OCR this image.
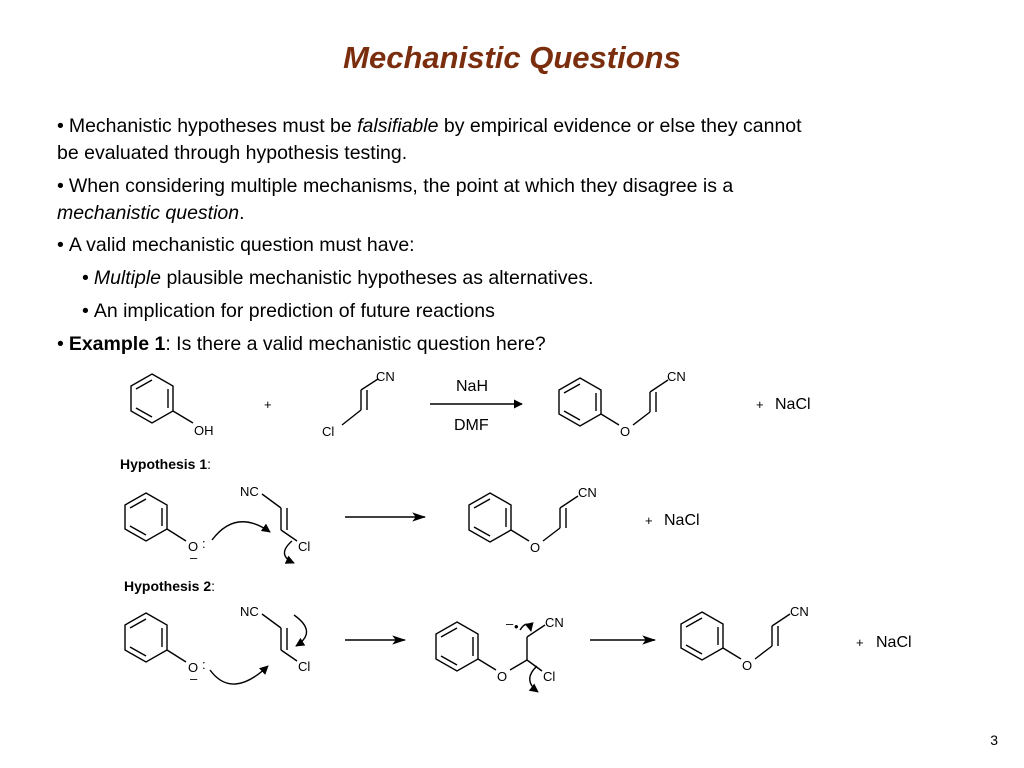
Mechanistic Questions
• Mechanistic hypotheses must be falsifiable by empirical evidence or else they cannot
be evaluated through hypothesis testing.
• When considering multiple mechanisms, the point at which they disagree is a
mechanistic question.
• A valid mechanistic question must have:
• Multiple plausible mechanistic hypotheses as alternatives.
• An implication for prediction of future reactions
• Example 1: Is there a valid mechanistic question here?
Hypothesis 1:
Hypothesis 2:
OH
+
CN
Cl
NaH
DMF	O
CN
+ NaCl
O :
–
NC
Cl	O
CN
+ NaCl
O :
–
NC
Cl
O
CN
Cl
– •
O
CN
+ NaCl
3
